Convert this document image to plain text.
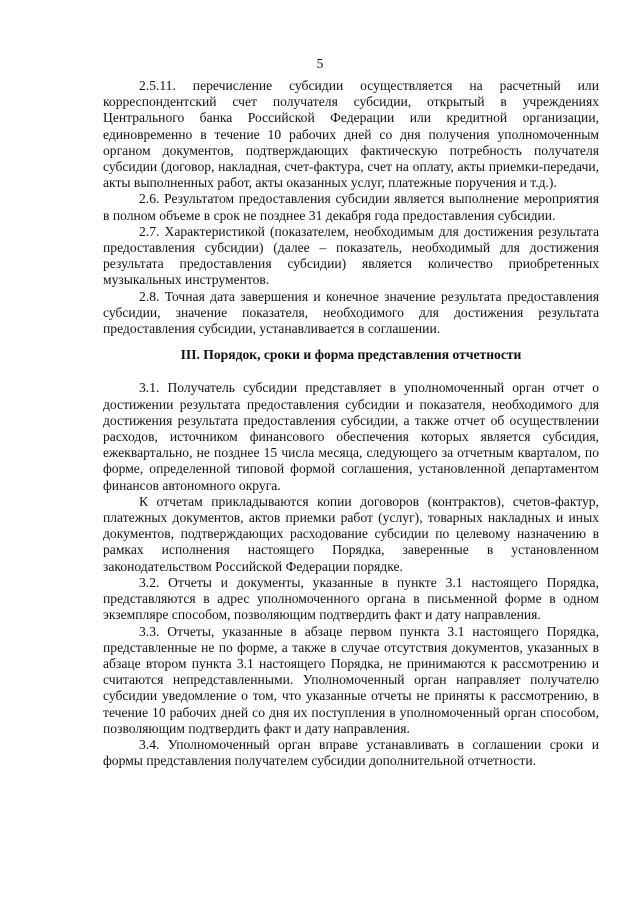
5

2.5.11. перечисление субсидии осуществляется на расчетный или корреспондентский счет получателя субсидии, открытый в учреждениях Центрального банка Российской Федерации или кредитной организации, единовременно в течение 10 рабочих дней со дня получения уполномоченным органом документов, подтверждающих фактическую потребность получателя субсидии (договор, накладная, счет-фактура, счет на оплату, акты приемки-передачи, акты выполненных работ, акты оказанных услуг, платежные поручения и т.д.).

2.6. Результатом предоставления субсидии является выполнение мероприятия в полном объеме в срок не позднее 31 декабря года предоставления субсидии.

2.7. Характеристикой (показателем, необходимым для достижения результата предоставления субсидии) (далее – показатель, необходимый для достижения результата предоставления субсидии) является количество приобретенных музыкальных инструментов.

2.8. Точная дата завершения и конечное значение результата предоставления субсидии, значение показателя, необходимого для достижения результата предоставления субсидии, устанавливается в соглашении.

III. Порядок, сроки и форма представления отчетности

3.1. Получатель субсидии представляет в уполномоченный орган отчет о достижении результата предоставления субсидии и показателя, необходимого для достижения результата предоставления субсидии, а также отчет об осуществлении расходов, источником финансового обеспечения которых является субсидия, ежеквартально, не позднее 15 числа месяца, следующего за отчетным кварталом, по форме, определенной типовой формой соглашения, установленной департаментом финансов автономного округа.

К отчетам прикладываются копии договоров (контрактов), счетов-фактур, платежных документов, актов приемки работ (услуг), товарных накладных и иных документов, подтверждающих расходование субсидии по целевому назначению в рамках исполнения настоящего Порядка, заверенные в установленном законодательством Российской Федерации порядке.

3.2. Отчеты и документы, указанные в пункте 3.1 настоящего Порядка, представляются в адрес уполномоченного органа в письменной форме в одном экземпляре способом, позволяющим подтвердить факт и дату направления.

3.3. Отчеты, указанные в абзаце первом пункта 3.1 настоящего Порядка, представленные не по форме, а также в случае отсутствия документов, указанных в абзаце втором пункта 3.1 настоящего Порядка, не принимаются к рассмотрению и считаются непредставленными. Уполномоченный орган направляет получателю субсидии уведомление о том, что указанные отчеты не приняты к рассмотрению, в течение 10 рабочих дней со дня их поступления в уполномоченный орган способом, позволяющим подтвердить факт и дату направления.

3.4. Уполномоченный орган вправе устанавливать в соглашении сроки и формы представления получателем субсидии дополнительной отчетности.
